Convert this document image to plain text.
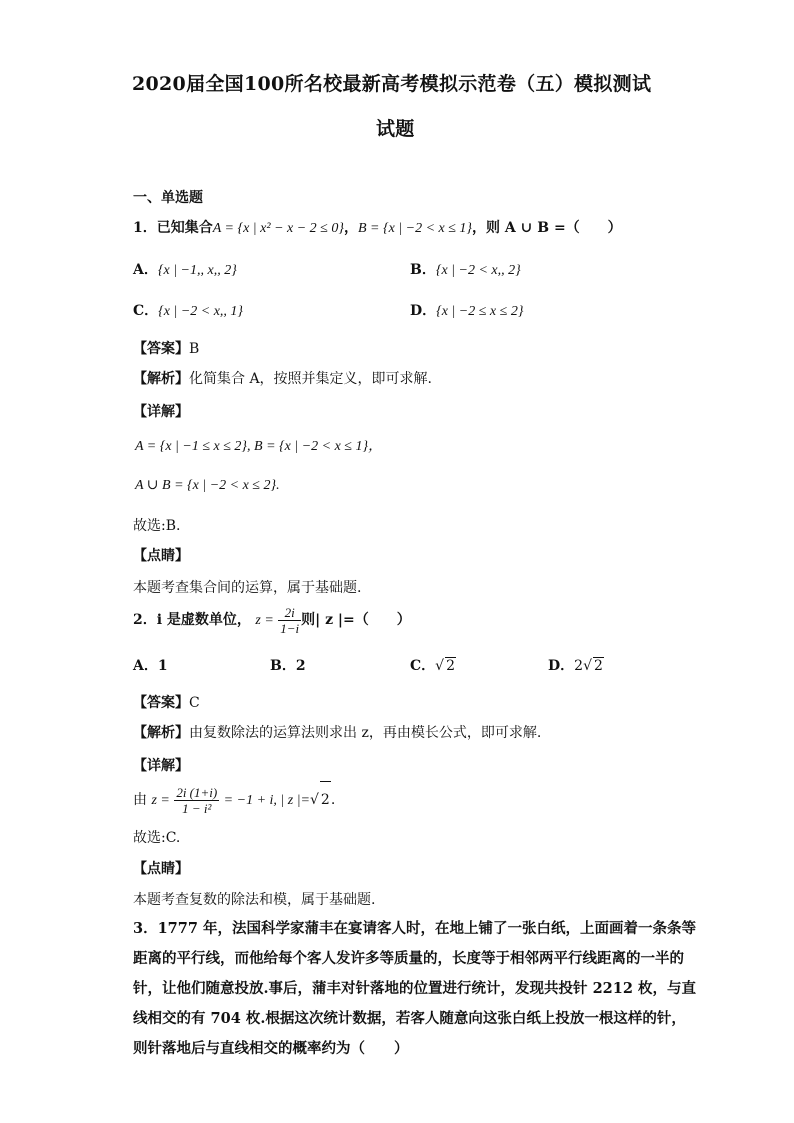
2020届全国100所名校最新高考模拟示范卷（五）模拟测试
试题
一、单选题
1．已知集合A = {x | x² − x − 2 ≤ 0}，B = {x | −2 < x ≤ 1}，则 A ∪ B =（　　）
A．{x | −1,, x,, 2}	B．{x | −2 < x,, 2}
C．{x | −2 < x,, 1}	D．{x | −2 ≤ x ≤ 2}
【答案】B
【解析】化简集合 A，按照并集定义，即可求解.
【详解】
A = {x | −1 ≤ x ≤ 2}, B = {x | −2 < x ≤ 1}，
A ∪ B = {x | −2 < x ≤ 2}.
故选:B.
【点睛】
本题考查集合间的运算，属于基础题.
2．i 是虚数单位， $z = \frac{2i}{1-i}$ 则| z |=（　　）
A．1	B．2	C．√ 2	D．2√ 2
【答案】C
【解析】由复数除法的运算法则求出 z，再由模长公式，即可求解.
【详解】
由 $z = \frac{2i (1+i)}{\text{1 − i²}} = -1 + i$, | z |=√ 2.
故选:C.
【点睛】
本题考查复数的除法和模，属于基础题.
3．1777 年，法国科学家蒲丰在宴请客人时，在地上铺了一张白纸，上面画着一条条等
距离的平行线，而他给每个客人发许多等质量的，长度等于相邻两平行线距离的一半的
针，让他们随意投放.事后，蒲丰对针落地的位置进行统计，发现共投针 2212 枚，与直
线相交的有 704 枚.根据这次统计数据，若客人随意向这张白纸上投放一根这样的针，
则针落地后与直线相交的概率约为（　　）
